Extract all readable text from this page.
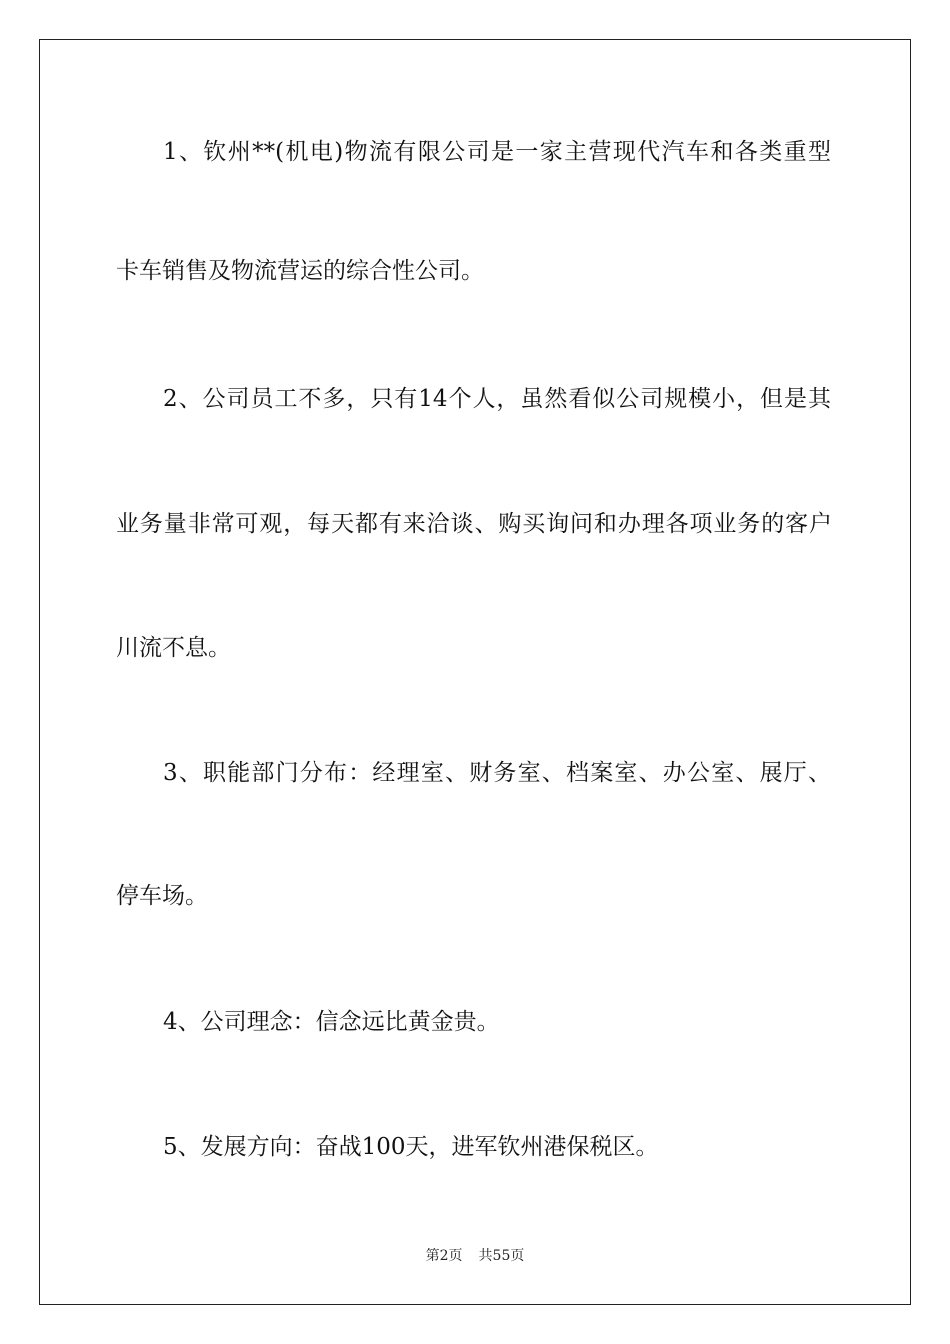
1、钦州**(机电)物流有限公司是一家主营现代汽车和各类重型
卡车销售及物流营运的综合性公司。
2、公司员工不多，只有14个人，虽然看似公司规模小，但是其
业务量非常可观，每天都有来洽谈、购买询问和办理各项业务的客户
川流不息。
3、职能部门分布：经理室、财务室、档案室、办公室、展厅、
停车场。
4、公司理念：信念远比黄金贵。
5、发展方向：奋战100天，进军钦州港保税区。
第2页 共55页
